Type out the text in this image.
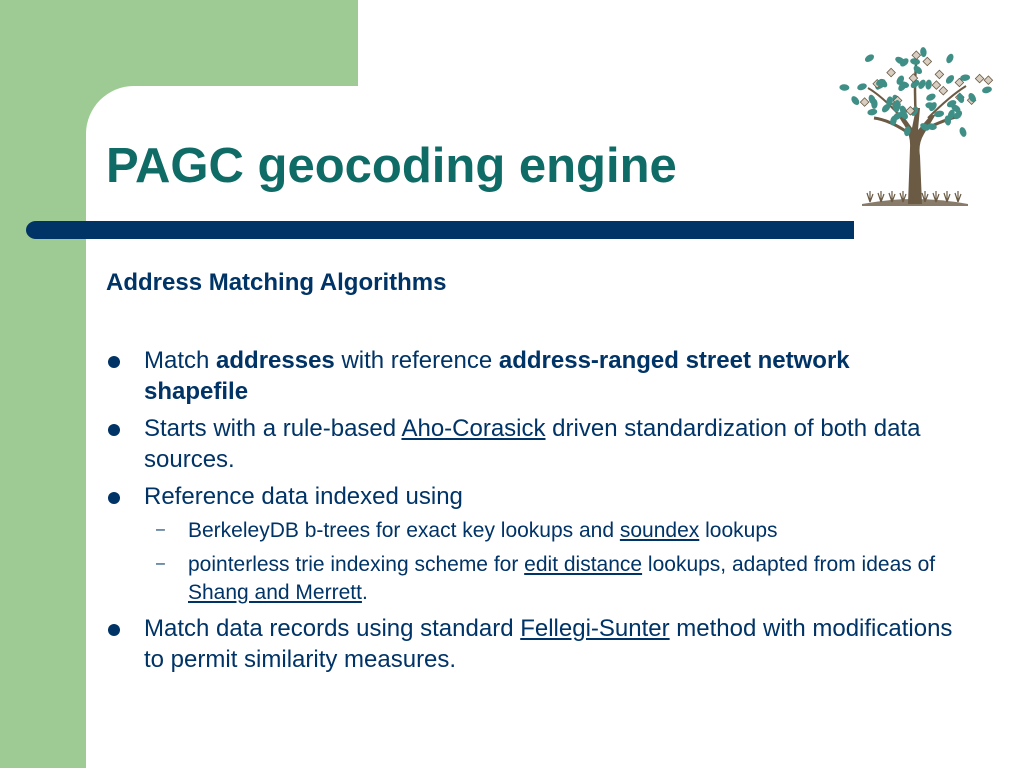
PAGC geocoding engine
Address Matching Algorithms
Match addresses with reference address-ranged street network shapefile
Starts with a rule-based Aho-Corasick driven standardization of both data sources.
Reference data indexed using
– BerkeleyDB b-trees for exact key lookups and soundex lookups
– pointerless trie indexing scheme for edit distance lookups, adapted from ideas of Shang and Merrett.
Match data records using standard Fellegi-Sunter method with modifications to permit similarity measures.
